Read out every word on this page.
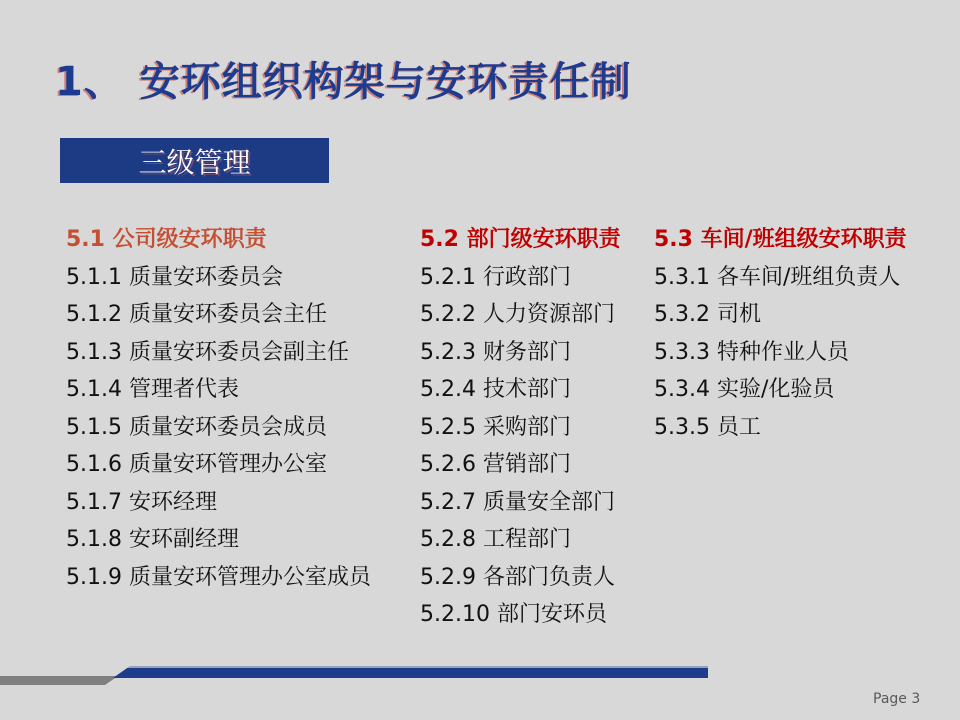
1、 安环组织构架与安环责任制
三级管理
5.1 公司级安环职责
5.1.1 质量安环委员会
5.1.2 质量安环委员会主任
5.1.3 质量安环委员会副主任
5.1.4 管理者代表
5.1.5 质量安环委员会成员
5.1.6 质量安环管理办公室
5.1.7 安环经理
5.1.8 安环副经理
5.1.9 质量安环管理办公室成员
5.2 部门级安环职责
5.2.1 行政部门
5.2.2 人力资源部门
5.2.3 财务部门
5.2.4 技术部门
5.2.5 采购部门
5.2.6 营销部门
5.2.7 质量安全部门
5.2.8 工程部门
5.2.9 各部门负责人
5.2.10 部门安环员
5.3 车间/班组级安环职责
5.3.1 各车间/班组负责人
5.3.2 司机
5.3.3 特种作业人员
5.3.4 实验/化验员
5.3.5 员工
Page 3
